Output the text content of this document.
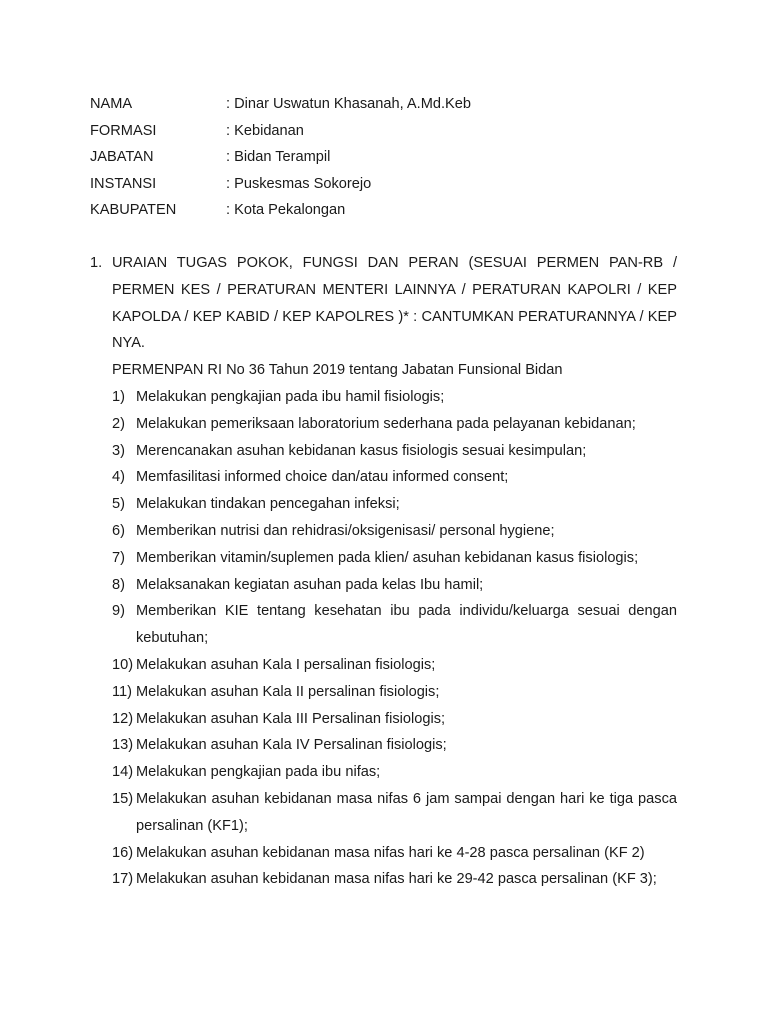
NAMA	: Dinar Uswatun Khasanah, A.Md.Keb
FORMASI	: Kebidanan
JABATAN	: Bidan Terampil
INSTANSI	: Puskesmas Sokorejo
KABUPATEN	: Kota Pekalongan
1. URAIAN TUGAS POKOK, FUNGSI DAN PERAN (SESUAI PERMEN PAN-RB / PERMEN KES / PERATURAN MENTERI LAINNYA / PERATURAN KAPOLRI / KEP KAPOLDA / KEP KABID / KEP KAPOLRES )* : CANTUMKAN PERATURANNYA / KEP NYA.

PERMENPAN RI No 36 Tahun 2019 tentang Jabatan Funsional Bidan
1) Melakukan pengkajian pada ibu hamil fisiologis;
2) Melakukan pemeriksaan laboratorium sederhana pada pelayanan kebidanan;
3) Merencanakan asuhan kebidanan kasus fisiologis sesuai kesimpulan;
4) Memfasilitasi informed choice dan/atau informed consent;
5) Melakukan tindakan pencegahan infeksi;
6) Memberikan nutrisi dan rehidrasi/oksigenisasi/ personal hygiene;
7) Memberikan vitamin/suplemen pada klien/ asuhan kebidanan kasus fisiologis;
8) Melaksanakan kegiatan asuhan pada kelas Ibu hamil;
9) Memberikan KIE tentang kesehatan ibu pada individu/keluarga sesuai dengan kebutuhan;
10) Melakukan asuhan Kala I persalinan fisiologis;
11) Melakukan asuhan Kala II persalinan fisiologis;
12) Melakukan asuhan Kala III Persalinan fisiologis;
13) Melakukan asuhan Kala IV Persalinan fisiologis;
14) Melakukan pengkajian pada ibu nifas;
15) Melakukan asuhan kebidanan masa nifas 6 jam sampai dengan hari ke tiga pasca persalinan (KF1);
16) Melakukan asuhan kebidanan masa nifas hari ke 4-28 pasca persalinan (KF 2)
17) Melakukan asuhan kebidanan masa nifas hari ke 29-42 pasca persalinan (KF 3);
